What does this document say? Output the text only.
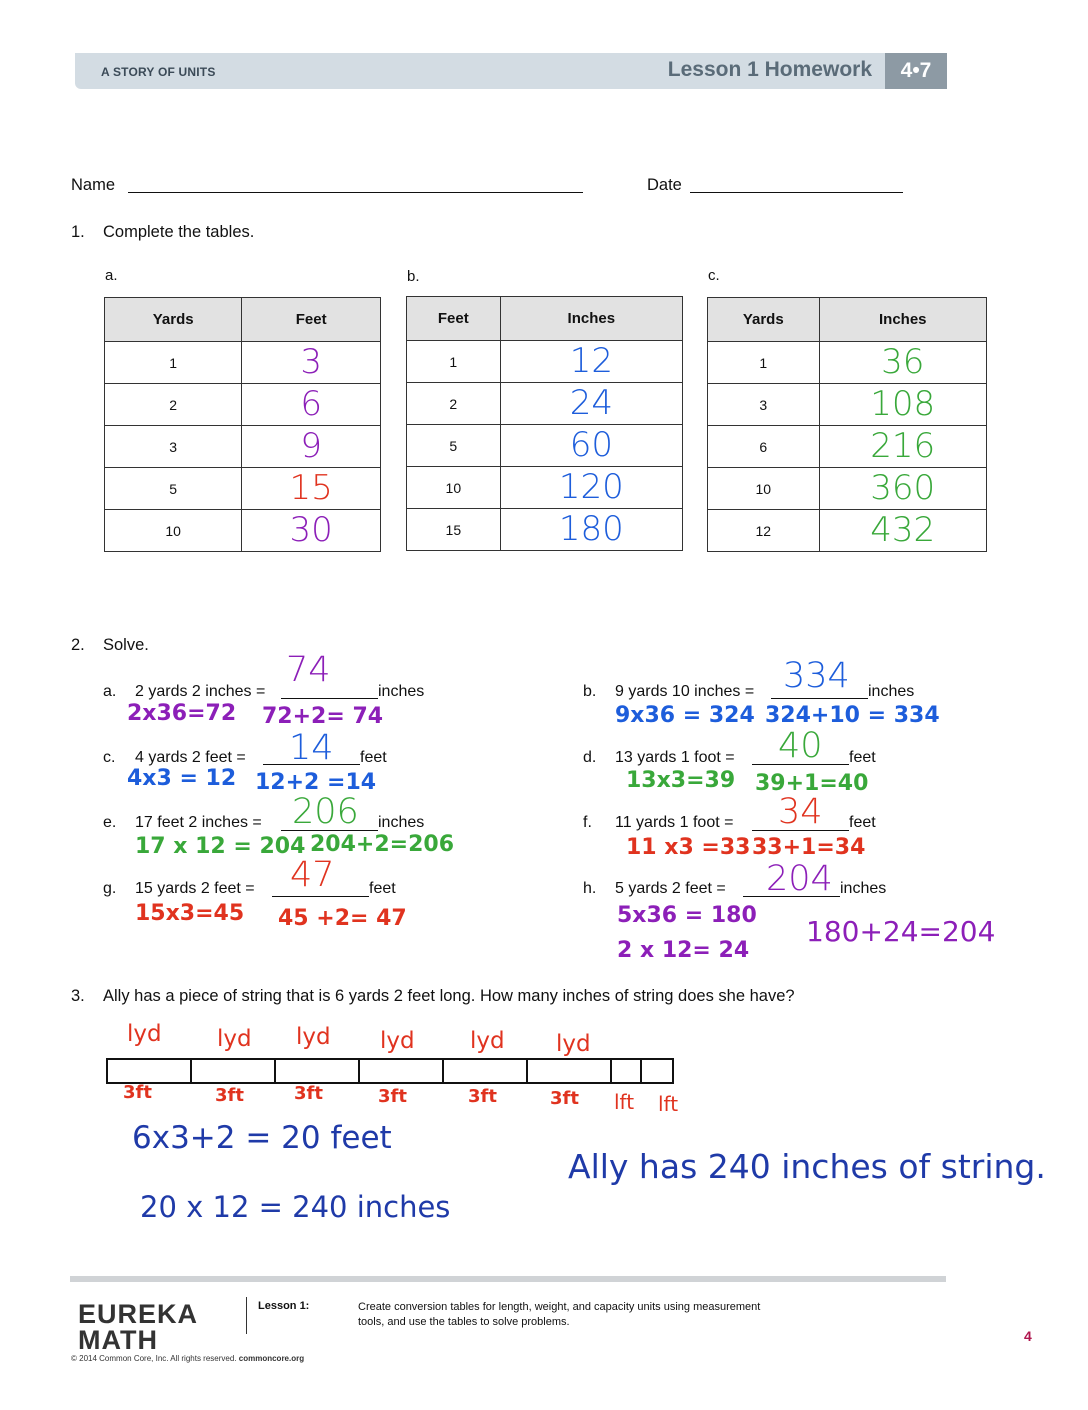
A STORY OF UNITS	Lesson 1 Homework	4•7
Name	Date
1. Complete the tables.
a.
Yards	Feet
1	3
2	6
3	9
5	15
10	30
b.
Feet	Inches
1	12
2	24
5	60
10	120
15	180
c.
Yards	Inches
1	36
3	108
6	216
10	360
12	432
2. Solve.
a. 2 yards 2 inches =	inches
74
2x36=72 72+2= 74
b. 9 yards 10 inches =	inches
334
9x36 = 324 324+10 = 334
c. 4 yards 2 feet =	feet
14
4x3 = 12 12+2 =14
d. 13 yards 1 foot =	feet
40
13x3=39 39+1=40
e. 17 feet 2 inches =	inches
206
17 x 12 = 204 204+2=206
f. 11 yards 1 foot =	feet
34
11 x3 =33 33+1=34
g. 15 yards 2 feet =	feet
47
15x3=45 45 +2= 47
h. 5 yards 2 feet =	inches
204
5x36 = 180
2 x 12= 24
180+24=204
3. Ally has a piece of string that is 6 yards 2 feet long. How many inches of string does she have?
lyd lyd lyd lyd lyd lyd
3ft	3ft	3ft	3ft	3ft	3ft lft lft
6x3+2 = 20 feet
20 x 12 = 240 inches
Ally has 240 inches of string.
EUREKA
MATH
Lesson 1:	Create conversion tables for length, weight, and capacity units using measurement tools, and use the tables to solve problems.
4
© 2014 Common Core, Inc. All rights reserved. commoncore.org
